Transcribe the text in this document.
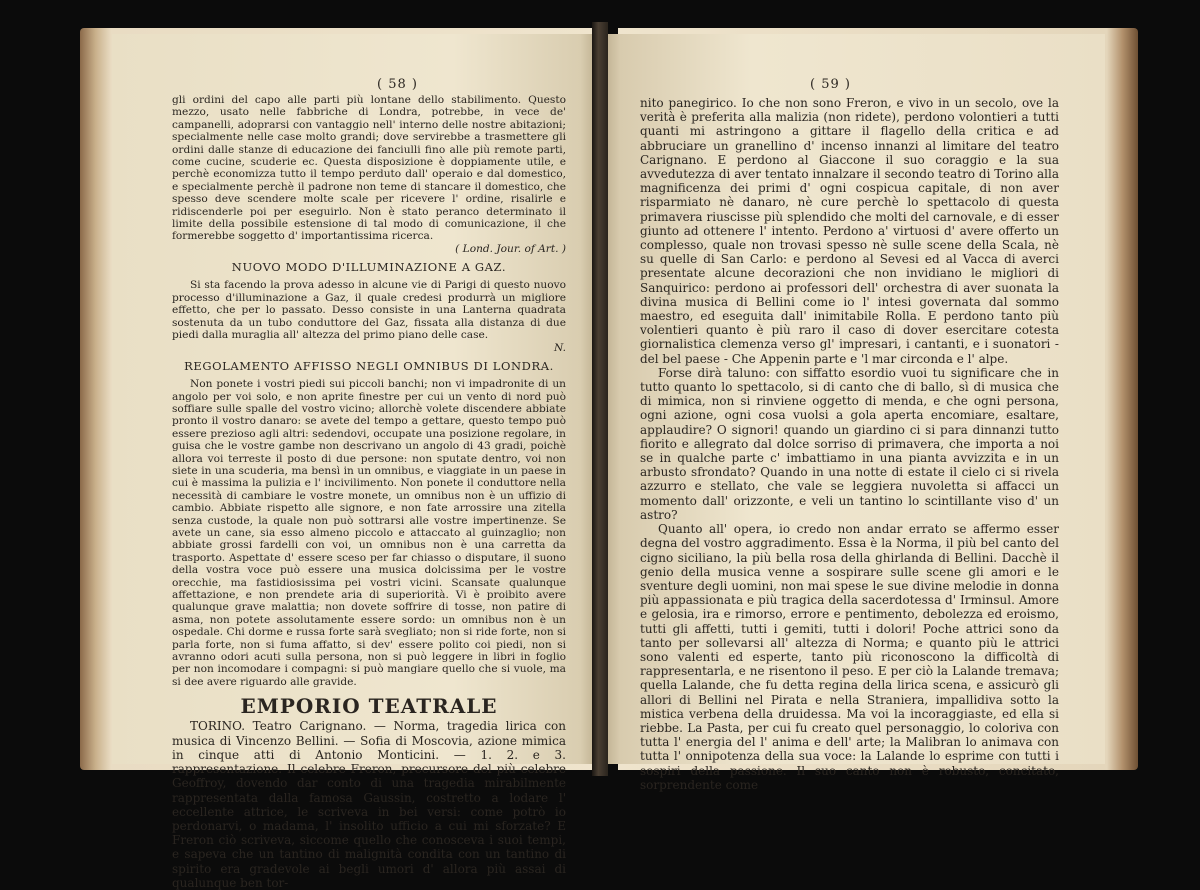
( 58 )

gli ordini del capo alle parti più lontane dello stabilimento. Questo mezzo, usato nelle fabbriche di Londra, potrebbe, in vece de' campanelli, adoprarsi con vantaggio nell' interno delle nostre abitazioni; specialmente nelle case molto grandi; dove servirebbe a trasmettere gli ordini dalle stanze di educazione dei fanciulli fino alle più remote parti, come cucine, scuderie ec. Questa disposizione è doppiamente utile, e perchè economizza tutto il tempo perduto dall' operaio e dal domestico, e specialmente perchè il padrone non teme di stancare il domestico, che spesso deve scendere molte scale per ricevere l' ordine, risalirle e ridiscenderle poi per eseguirlo. Non è stato peranco determinato il limite della possibile estensione di tal modo di comunicazione, il che formerebbe soggetto d' importantissima ricerca.

( Lond. Jour. of Art. )

NUOVO MODO D'ILLUMINAZIONE A GAZ.

Si sta facendo la prova adesso in alcune vie di Parigi di questo nuovo processo d'illuminazione a Gaz, il quale credesi produrrà un migliore effetto, che per lo passato. Desso consiste in una Lanterna quadrata sostenuta da un tubo conduttore del Gaz, fissata alla distanza di due piedi dalla muraglia all' altezza del primo piano delle case.

N.

REGOLAMENTO AFFISSO NEGLI OMNIBUS DI LONDRA.

Non ponete i vostri piedi sui piccoli banchi; non vi impadronite di un angolo per voi solo, e non aprite finestre per cui un vento di nord può soffiare sulle spalle del vostro vicino; allorchè volete discendere abbiate pronto il vostro danaro: se avete del tempo a gettare, questo tempo può essere prezioso agli altri: sedendovi, occupate una posizione regolare, in guisa che le vostre gambe non descrivano un angolo di 43 gradi, poichè allora voi terreste il posto di due persone: non sputate dentro, voi non siete in una scuderia, ma bensì in un omnibus, e viaggiate in un paese in cui è massima la pulizia e l' incivilimento. Non ponete il conduttore nella necessità di cambiare le vostre monete, un omnibus non è un uffizio di cambio. Abbiate rispetto alle signore, e non fate arrossire una zitella senza custode, la quale non può sottrarsi alle vostre impertinenze. Se avete un cane, sia esso almeno piccolo e attaccato al guinzaglio; non abbiate grossi fardelli con voi, un omnibus non è una carretta da trasporto. Aspettate d' essere sceso per far chiasso o disputare, il suono della vostra voce può essere una musica dolcissima per le vostre orecchie, ma fastidiosissima pei vostri vicini. Scansate qualunque affettazione, e non prendete aria di superiorità. Vi è proibito avere qualunque grave malattia; non dovete soffrire di tosse, non patire di asma, non potete assolutamente essere sordo: un omnibus non è un ospedale. Chi dorme e russa forte sarà svegliato; non si ride forte, non si parla forte, non si fuma affatto, si dev' essere polito coi piedi, non si avranno odori acuti sulla persona, non si può leggere in libri in foglio per non incomodare i compagni: si può mangiare quello che si vuole, ma si dee avere riguardo alle gravide.

EMPORIO TEATRALE

TORINO. Teatro Carignano. — Norma, tragedia lirica con musica di Vincenzo Bellini. — Sofia di Moscovia, azione mimica in cinque atti di Antonio Monticini. — 1. 2. e 3. rappresentazione. Il celebre Freron, precursore del più celebre Geoffroy, dovendo dar conto di una tragedia mirabilmente rappresentata dalla famosa Gaussin, costretto a lodare l' eccellente attrice, le scriveva in bei versi: come potrò io perdonarvi, o madama, l' insolito ufficio a cui mi sforzate? E Freron ciò scriveva, siccome quello che conosceva i suoi tempi, e sapeva che un tantino di malignità condita con un tantino di spirito era gradevole ai begli umori d' allora più assai di qualunque ben tor-

( 59 )

nito panegirico. Io che non sono Freron, e vivo in un secolo, ove la verità è preferita alla malizia (non ridete), perdono volontieri a tutti quanti mi astringono a gittare il flagello della critica e ad abbruciare un granellino d' incenso innanzi al limitare del teatro Carignano. E perdono al Giaccone il suo coraggio e la sua avvedutezza di aver tentato innalzare il secondo teatro di Torino alla magnificenza dei primi d' ogni cospicua capitale, di non aver risparmiato nè danaro, nè cure perchè lo spettacolo di questa primavera riuscisse più splendido che molti del carnovale, e di esser giunto ad ottenere l' intento. Perdono a' virtuosi d' avere offerto un complesso, quale non trovasi spesso nè sulle scene della Scala, nè su quelle di San Carlo: e perdono al Sevesi ed al Vacca di averci presentate alcune decorazioni che non invidiano le migliori di Sanquirico: perdono ai professori dell' orchestra di aver suonata la divina musica di Bellini come io l' intesi governata dal sommo maestro, ed eseguita dall' inimitabile Rolla. E perdono tanto più volentieri quanto è più raro il caso di dover esercitare cotesta giornalistica clemenza verso gl' impresari, i cantanti, e i suonatori - del bel paese - Che Appenin parte e 'l mar circonda e l' alpe.

Forse dirà taluno: con siffatto esordio vuoi tu significare che in tutto quanto lo spettacolo, si di canto che di ballo, sì di musica che di mimica, non si rinviene oggetto di menda, e che ogni persona, ogni azione, ogni cosa vuolsi a gola aperta encomiare, esaltare, applaudire? O signori! quando un giardino ci si para dinnanzi tutto fiorito e allegrato dal dolce sorriso di primavera, che importa a noi se in qualche parte c' imbattiamo in una pianta avvizzita e in un arbusto sfrondato? Quando in una notte di estate il cielo ci si rivela azzurro e stellato, che vale se leggiera nuvoletta si affacci un momento dall' orizzonte, e veli un tantino lo scintillante viso d' un astro?

Quanto all' opera, io credo non andar errato se affermo esser degna del vostro aggradimento. Essa è la Norma, il più bel canto del cigno siciliano, la più bella rosa della ghirlanda di Bellini. Dacchè il genio della musica venne a sospirare sulle scene gli amori e le sventure degli uomini, non mai spese le sue divine melodie in donna più appassionata e più tragica della sacerdotessa d' Irminsul. Amore e gelosia, ira e rimorso, errore e pentimento, debolezza ed eroismo, tutti gli affetti, tutti i gemiti, tutti i dolori! Poche attrici sono da tanto per sollevarsi all' altezza di Norma; e quanto più le attrici sono valenti ed esperte, tanto più riconoscono la difficoltà di rappresentarla, e ne risentono il peso. E per ciò la Lalande tremava; quella Lalande, che fu detta regina della lirica scena, e assicurò gli allori di Bellini nel Pirata e nella Straniera, impallidiva sotto la mistica verbena della druidessa. Ma voi la incoraggiaste, ed ella si riebbe. La Pasta, per cui fu creato quel personaggio, lo coloriva con tutta l' energia del l' anima e dell' arte; la Malibran lo animava con tutta l' onnipotenza della sua voce: la Lalande lo esprime con tutti i sospiri della passione. Il suo canto non è robusto, concitato, sorprendente come
